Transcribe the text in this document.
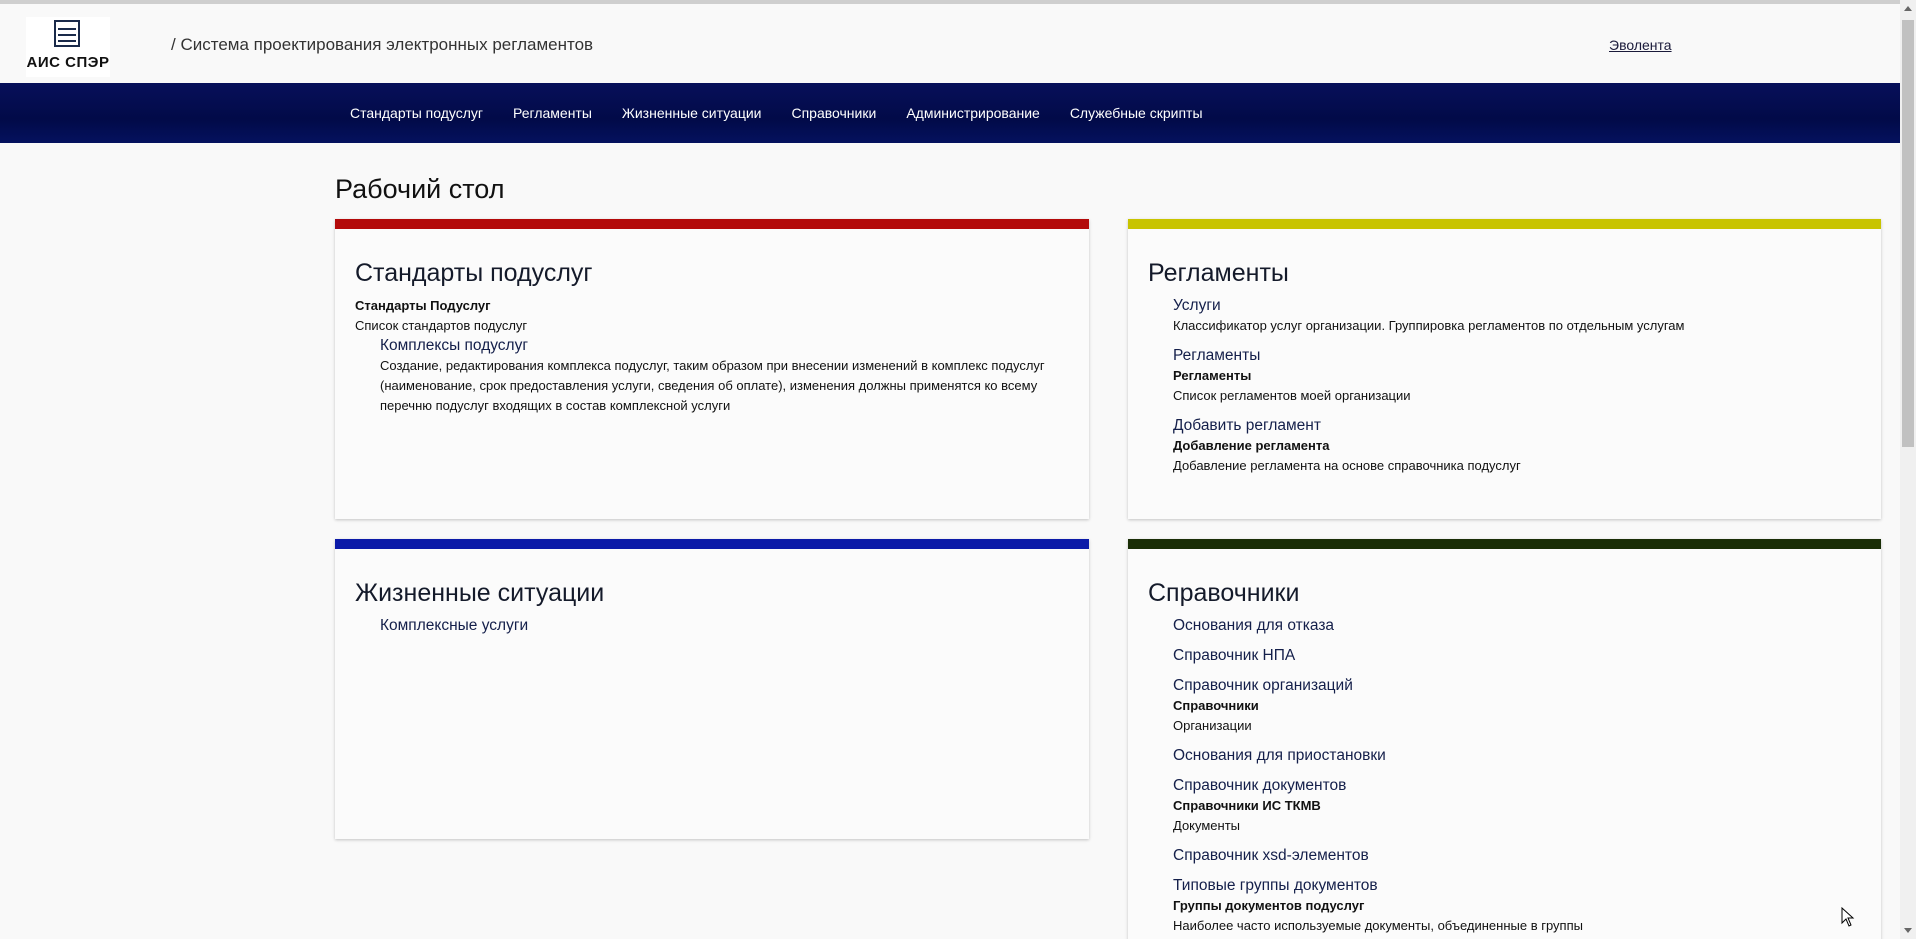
АИС СПЭР
/ Система проектирования электронных регламентов	Эволента
Стандарты подуслуг	Регламенты	Жизненные ситуации	Справочники	Администрирование	Служебные скрипты
Рабочий стол
Стандарты подуслуг
Стандарты Подуслуг
Список стандартов подуслуг
Комплексы подуслуг
Создание, редактирования комплекса подуслуг, таким образом при внесении изменений в комплекс подуслуг (наименование, срок предоставления услуги, сведения об оплате), изменения должны применятся ко всему перечню подуслуг входящих в состав комплексной услуги
Регламенты
Услуги
Классификатор услуг организации. Группировка регламентов по отдельным услугам
Регламенты
Регламенты
Список регламентов моей организации
Добавить регламент
Добавление регламента
Добавление регламента на основе справочника подуслуг
Жизненные ситуации
Комплексные услуги
Справочники
Основания для отказа
Справочник НПА
Справочник организаций
Справочники
Организации
Основания для приостановки
Справочник документов
Справочники ИС ТКМВ
Документы
Справочник xsd-элементов
Типовые группы документов
Группы документов подуслуг
Наиболее часто используемые документы, объединенные в группы
